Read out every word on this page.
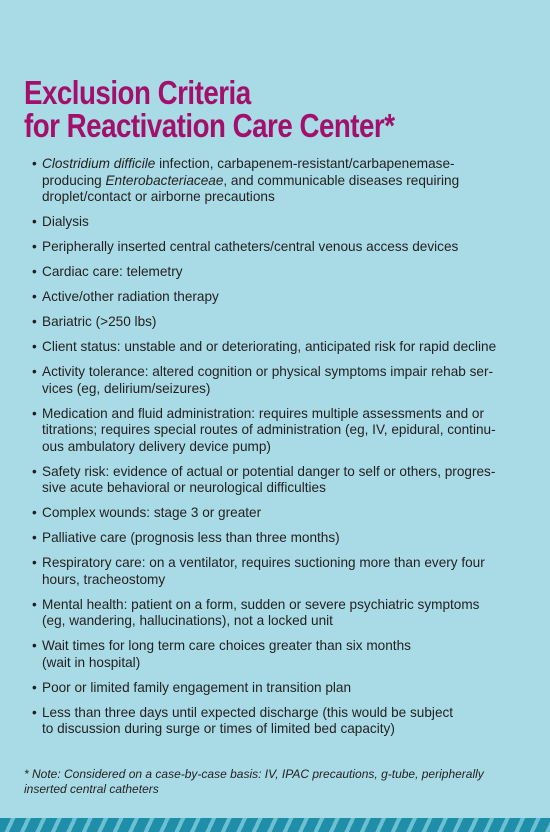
Exclusion Criteria
for Reactivation Care Center*
• Clostridium difficile infection, carbapenem-resistant/carbapenemase-
producing Enterobacteriaceae, and communicable diseases requiring
droplet/contact or airborne precautions
• Dialysis
• Peripherally inserted central catheters/central venous access devices
• Cardiac care: telemetry
• Active/other radiation therapy
• Bariatric (>250 lbs)
• Client status: unstable and or deteriorating, anticipated risk for rapid decline
• Activity tolerance: altered cognition or physical symptoms impair rehab ser-
vices (eg, delirium/seizures)
• Medication and fluid administration: requires multiple assessments and or
titrations; requires special routes of administration (eg, IV, epidural, continu-
ous ambulatory delivery device pump)
• Safety risk: evidence of actual or potential danger to self or others, progres-
sive acute behavioral or neurological difficulties
• Complex wounds: stage 3 or greater
• Palliative care (prognosis less than three months)
• Respiratory care: on a ventilator, requires suctioning more than every four
hours, tracheostomy
• Mental health: patient on a form, sudden or severe psychiatric symptoms
(eg, wandering, hallucinations), not a locked unit
• Wait times for long term care choices greater than six months
(wait in hospital)
• Poor or limited family engagement in transition plan
• Less than three days until expected discharge (this would be subject
to discussion during surge or times of limited bed capacity)

* Note: Considered on a case-by-case basis: IV, IPAC precautions, g-tube, peripherally
inserted central catheters
